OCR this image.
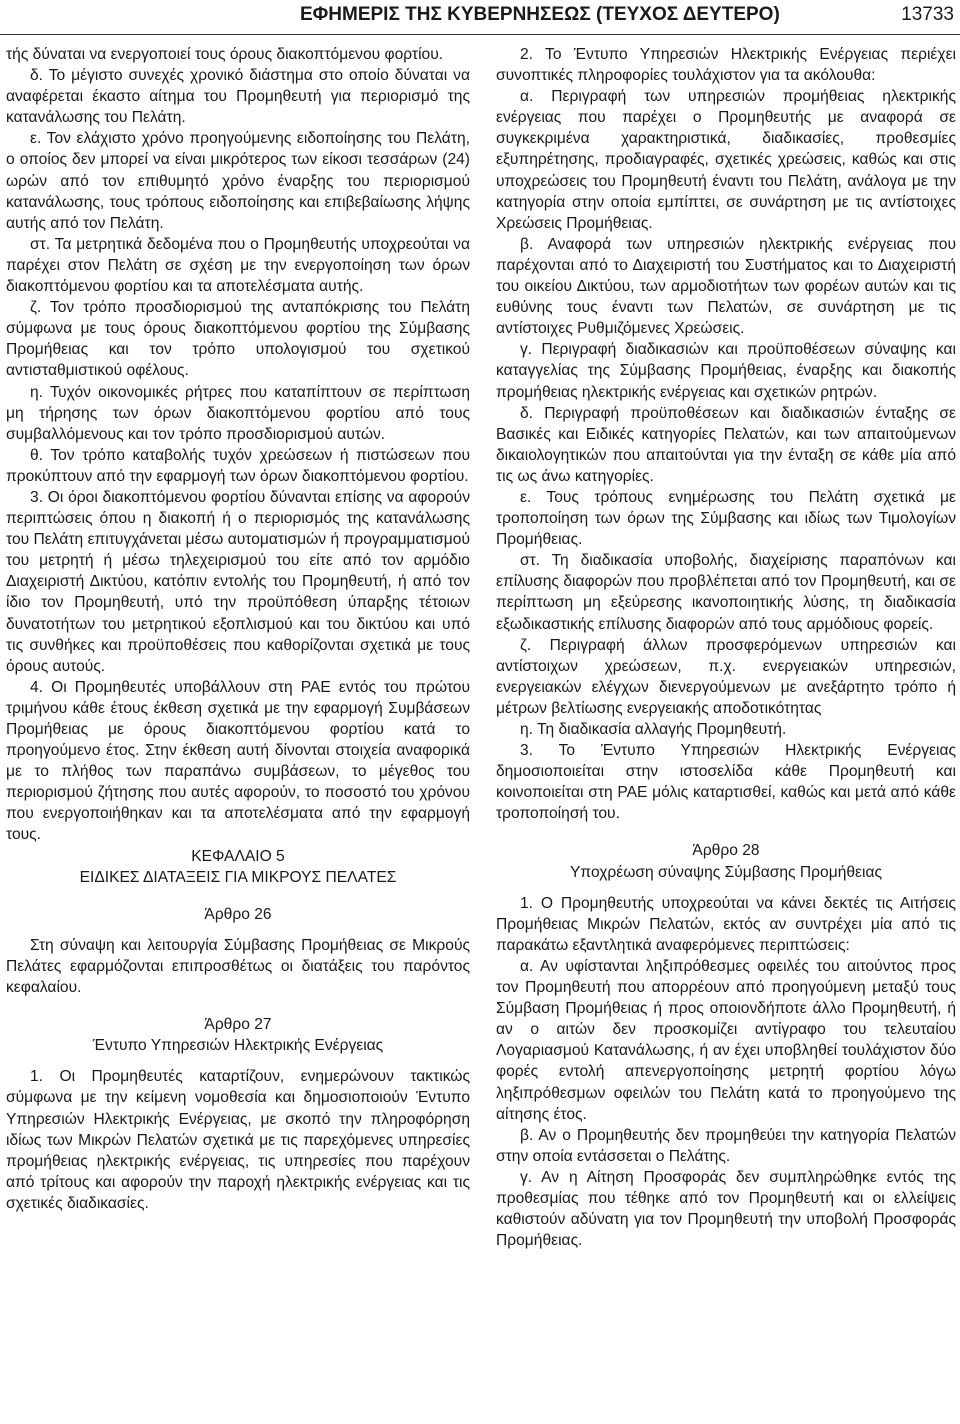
ΕΦΗΜΕΡΙΣ ΤΗΣ ΚΥΒΕΡΝΗΣΕΩΣ (ΤΕΥΧΟΣ ΔΕΥΤΕΡΟ)	13733

τής δύναται να ενεργοποιεί τους όρους διακοπτόμενου φορτίου.

δ. Το μέγιστο συνεχές χρονικό διάστημα στο οποίο δύναται να αναφέρεται έκαστο αίτημα του Προμηθευτή για περιορισμό της κατανάλωσης του Πελάτη.

ε. Τον ελάχιστο χρόνο προηγούμενης ειδοποίησης του Πελάτη, ο οποίος δεν μπορεί να είναι μικρότερος των είκοσι τεσσάρων (24) ωρών από τον επιθυμητό χρόνο έναρξης του περιορισμού κατανάλωσης, τους τρόπους ειδοποίησης και επιβεβαίωσης λήψης αυτής από τον Πελάτη.

στ. Τα μετρητικά δεδομένα που ο Προμηθευτής υποχρεούται να παρέχει στον Πελάτη σε σχέση με την ενεργοποίηση των όρων διακοπτόμενου φορτίου και τα αποτελέσματα αυτής.

ζ. Τον τρόπο προσδιορισμού της ανταπόκρισης του Πελάτη σύμφωνα με τους όρους διακοπτόμενου φορτίου της Σύμβασης Προμήθειας και τον τρόπο υπολογισμού του σχετικού αντισταθμιστικού οφέλους.

η. Τυχόν οικονομικές ρήτρες που καταπίπτουν σε περίπτωση μη τήρησης των όρων διακοπτόμενου φορτίου από τους συμβαλλόμενους και τον τρόπο προσδιορισμού αυτών.

θ. Τον τρόπο καταβολής τυχόν χρεώσεων ή πιστώσεων που προκύπτουν από την εφαρμογή των όρων διακοπτόμενου φορτίου.

3. Οι όροι διακοπτόμενου φορτίου δύνανται επίσης να αφορούν περιπτώσεις όπου η διακοπή ή ο περιορισμός της κατανάλωσης του Πελάτη επιτυγχάνεται μέσω αυτοματισμών ή προγραμματισμού του μετρητή ή μέσω τηλεχειρισμού του είτε από τον αρμόδιο Διαχειριστή Δικτύου, κατόπιν εντολής του Προμηθευτή, ή από τον ίδιο τον Προμηθευτή, υπό την προϋπόθεση ύπαρξης τέτοιων δυνατοτήτων του μετρητικού εξοπλισμού και του δικτύου και υπό τις συνθήκες και προϋποθέσεις που καθορίζονται σχετικά με τους όρους αυτούς.

4. Οι Προμηθευτές υποβάλλουν στη ΡΑΕ εντός του πρώτου τριμήνου κάθε έτους έκθεση σχετικά με την εφαρμογή Συμβάσεων Προμήθειας με όρους διακοπτόμενου φορτίου κατά το προηγούμενο έτος. Στην έκθεση αυτή δίνονται στοιχεία αναφορικά με το πλήθος των παραπάνω συμβάσεων, το μέγεθος του περιορισμού ζήτησης που αυτές αφορούν, το ποσοστό του χρόνου που ενεργοποιήθηκαν και τα αποτελέσματα από την εφαρμογή τους.

ΚΕΦΑΛΑΙΟ 5

ΕΙΔΙΚΕΣ ΔΙΑΤΑΞΕΙΣ ΓΙΑ ΜΙΚΡΟΥΣ ΠΕΛΑΤΕΣ

Άρθρο 26

Στη σύναψη και λειτουργία Σύμβασης Προμήθειας σε Μικρούς Πελάτες εφαρμόζονται επιπροσθέτως οι διατάξεις του παρόντος κεφαλαίου.

Άρθρο 27

Έντυπο Υπηρεσιών Ηλεκτρικής Ενέργειας

1. Οι Προμηθευτές καταρτίζουν, ενημερώνουν τακτικώς σύμφωνα με την κείμενη νομοθεσία και δημοσιοποιούν Έντυπο Υπηρεσιών Ηλεκτρικής Ενέργειας, με σκοπό την πληροφόρηση ιδίως των Μικρών Πελατών σχετικά με τις παρεχόμενες υπηρεσίες προμήθειας ηλεκτρικής ενέργειας, τις υπηρεσίες που παρέχουν από τρίτους και αφορούν την παροχή ηλεκτρικής ενέργειας και τις σχετικές διαδικασίες.

2. Το Έντυπο Υπηρεσιών Ηλεκτρικής Ενέργειας περιέχει συνοπτικές πληροφορίες τουλάχιστον για τα ακόλουθα:

α. Περιγραφή των υπηρεσιών προμήθειας ηλεκτρικής ενέργειας που παρέχει ο Προμηθευτής με αναφορά σε συγκεκριμένα χαρακτηριστικά, διαδικασίες, προθεσμίες εξυπηρέτησης, προδιαγραφές, σχετικές χρεώσεις, καθώς και στις υποχρεώσεις του Προμηθευτή έναντι του Πελάτη, ανάλογα με την κατηγορία στην οποία εμπίπτει, σε συνάρτηση με τις αντίστοιχες Χρεώσεις Προμήθειας.

β. Αναφορά των υπηρεσιών ηλεκτρικής ενέργειας που παρέχονται από το Διαχειριστή του Συστήματος και το Διαχειριστή του οικείου Δικτύου, των αρμοδιοτήτων των φορέων αυτών και τις ευθύνης τους έναντι των Πελατών, σε συνάρτηση με τις αντίστοιχες Ρυθμιζόμενες Χρεώσεις.

γ. Περιγραφή διαδικασιών και προϋποθέσεων σύναψης και καταγγελίας της Σύμβασης Προμήθειας, έναρξης και διακοπής προμήθειας ηλεκτρικής ενέργειας και σχετικών ρητρών.

δ. Περιγραφή προϋποθέσεων και διαδικασιών ένταξης σε Βασικές και Ειδικές κατηγορίες Πελατών, και των απαιτούμενων δικαιολογητικών που απαιτούνται για την ένταξη σε κάθε μία από τις ως άνω κατηγορίες.

ε. Τους τρόπους ενημέρωσης του Πελάτη σχετικά με τροποποίηση των όρων της Σύμβασης και ιδίως των Τιμολογίων Προμήθειας.

στ. Τη διαδικασία υποβολής, διαχείρισης παραπόνων και επίλυσης διαφορών που προβλέπεται από τον Προμηθευτή, και σε περίπτωση μη εξεύρεσης ικανοποιητικής λύσης, τη διαδικασία εξωδικαστικής επίλυσης διαφορών από τους αρμόδιους φορείς.

ζ. Περιγραφή άλλων προσφερόμενων υπηρεσιών και αντίστοιχων χρεώσεων, π.χ. ενεργειακών υπηρεσιών, ενεργειακών ελέγχων διενεργούμενων με ανεξάρτητο τρόπο ή μέτρων βελτίωσης ενεργειακής αποδοτικότητας

η. Τη διαδικασία αλλαγής Προμηθευτή.

3. Το Έντυπο Υπηρεσιών Ηλεκτρικής Ενέργειας δημοσιοποιείται στην ιστοσελίδα κάθε Προμηθευτή και κοινοποιείται στη ΡΑΕ μόλις καταρτισθεί, καθώς και μετά από κάθε τροποποίησή του.

Άρθρο 28

Υποχρέωση σύναψης Σύμβασης Προμήθειας

1. Ο Προμηθευτής υποχρεούται να κάνει δεκτές τις Αιτήσεις Προμήθειας Μικρών Πελατών, εκτός αν συντρέχει μία από τις παρακάτω εξαντλητικά αναφερόμενες περιπτώσεις:

α. Αν υφίστανται ληξιπρόθεσμες οφειλές του αιτούντος προς τον Προμηθευτή που απορρέουν από προηγούμενη μεταξύ τους Σύμβαση Προμήθειας ή προς οποιονδήποτε άλλο Προμηθευτή, ή αν ο αιτών δεν προσκομίζει αντίγραφο του τελευταίου Λογαριασμού Κατανάλωσης, ή αν έχει υποβληθεί τουλάχιστον δύο φορές εντολή απενεργοποίησης μετρητή φορτίου λόγω ληξιπρόθεσμων οφειλών του Πελάτη κατά το προηγούμενο της αίτησης έτος.

β. Αν ο Προμηθευτής δεν προμηθεύει την κατηγορία Πελατών στην οποία εντάσσεται ο Πελάτης.

γ. Αν η Αίτηση Προσφοράς δεν συμπληρώθηκε εντός της προθεσμίας που τέθηκε από τον Προμηθευτή και οι ελλείψεις καθιστούν αδύνατη για τον Προμηθευτή την υποβολή Προσφοράς Προμήθειας.
